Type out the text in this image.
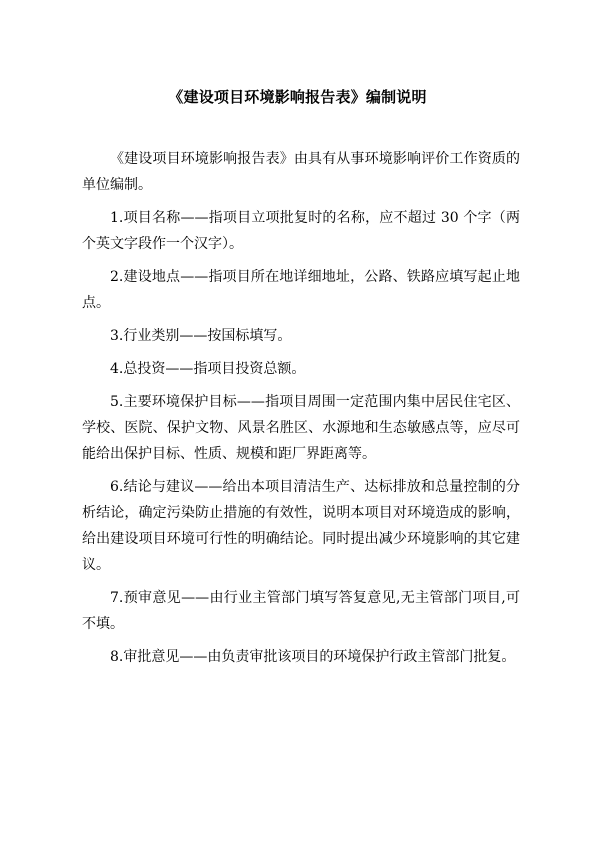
《建设项目环境影响报告表》编制说明

《建设项目环境影响报告表》由具有从事环境影响评价工作资质的单位编制。

1.项目名称——指项目立项批复时的名称，应不超过 30 个字（两个英文字段作一个汉字）。

2.建设地点——指项目所在地详细地址，公路、铁路应填写起止地点。

3.行业类别——按国标填写。

4.总投资——指项目投资总额。

5.主要环境保护目标——指项目周围一定范围内集中居民住宅区、学校、医院、保护文物、风景名胜区、水源地和生态敏感点等，应尽可能给出保护目标、性质、规模和距厂界距离等。

6.结论与建议——给出本项目清洁生产、达标排放和总量控制的分析结论，确定污染防止措施的有效性，说明本项目对环境造成的影响，给出建设项目环境可行性的明确结论。同时提出减少环境影响的其它建议。

7.预审意见——由行业主管部门填写答复意见,无主管部门项目,可不填。

8.审批意见——由负责审批该项目的环境保护行政主管部门批复。
